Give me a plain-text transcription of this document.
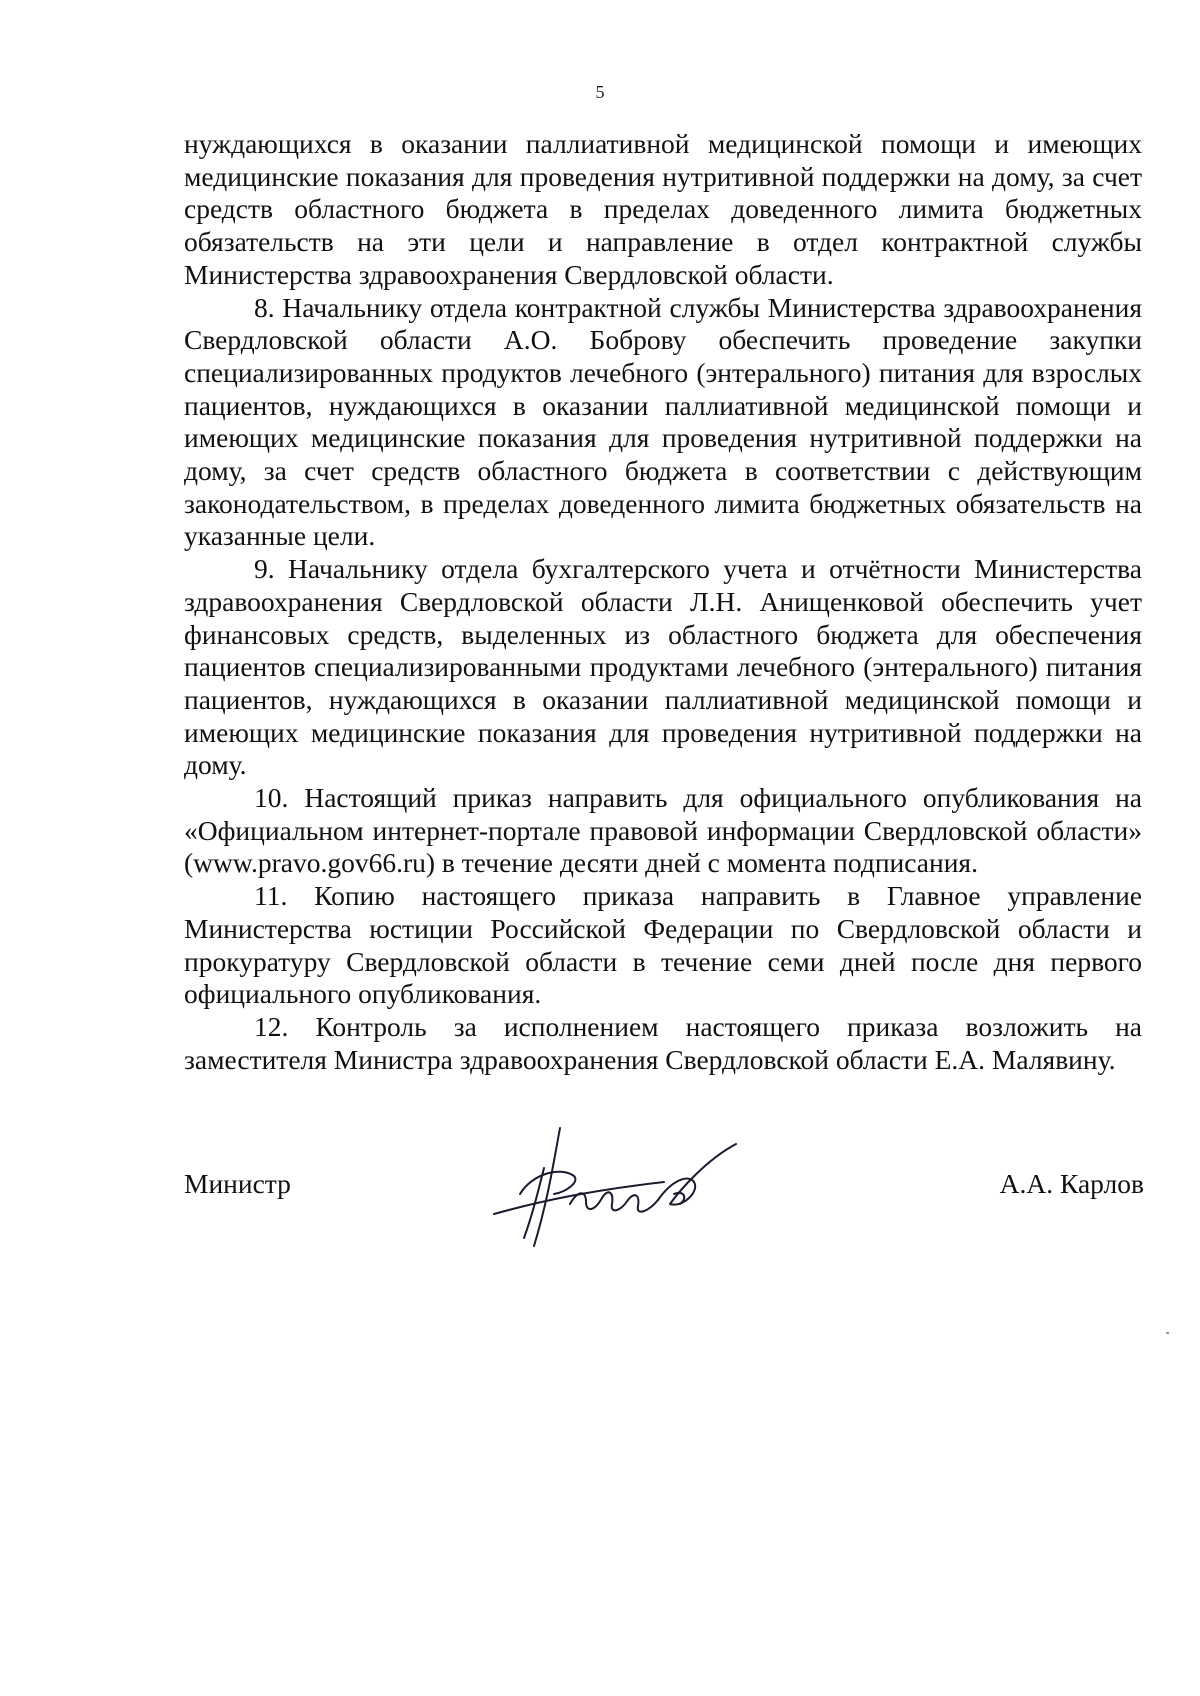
5

нуждающихся в оказании паллиативной медицинской помощи и имеющих медицинские показания для проведения нутритивной поддержки на дому, за счет средств областного бюджета в пределах доведенного лимита бюджетных обязательств на эти цели и направление в отдел контрактной службы Министерства здравоохранения Свердловской области.

8. Начальнику отдела контрактной службы Министерства здравоохранения Свердловской области А.О. Боброву обеспечить проведение закупки специализированных продуктов лечебного (энтерального) питания для взрослых пациентов, нуждающихся в оказании паллиативной медицинской помощи и имеющих медицинские показания для проведения нутритивной поддержки на дому, за счет средств областного бюджета в соответствии с действующим законодательством, в пределах доведенного лимита бюджетных обязательств на указанные цели.

9. Начальнику отдела бухгалтерского учета и отчётности Министерства здравоохранения Свердловской области Л.Н. Анищенковой обеспечить учет финансовых средств, выделенных из областного бюджета для обеспечения пациентов специализированными продуктами лечебного (энтерального) питания пациентов, нуждающихся в оказании паллиативной медицинской помощи и имеющих медицинские показания для проведения нутритивной поддержки на дому.

10. Настоящий приказ направить для официального опубликования на «Официальном интернет-портале правовой информации Свердловской области» (www.pravo.gov66.ru) в течение десяти дней с момента подписания.

11. Копию настоящего приказа направить в Главное управление Министерства юстиции Российской Федерации по Свердловской области и прокуратуру Свердловской области в течение семи дней после дня первого официального опубликования.

12. Контроль за исполнением настоящего приказа возложить на заместителя Министра здравоохранения Свердловской области Е.А. Малявину.

Министр	А.А. Карлов
